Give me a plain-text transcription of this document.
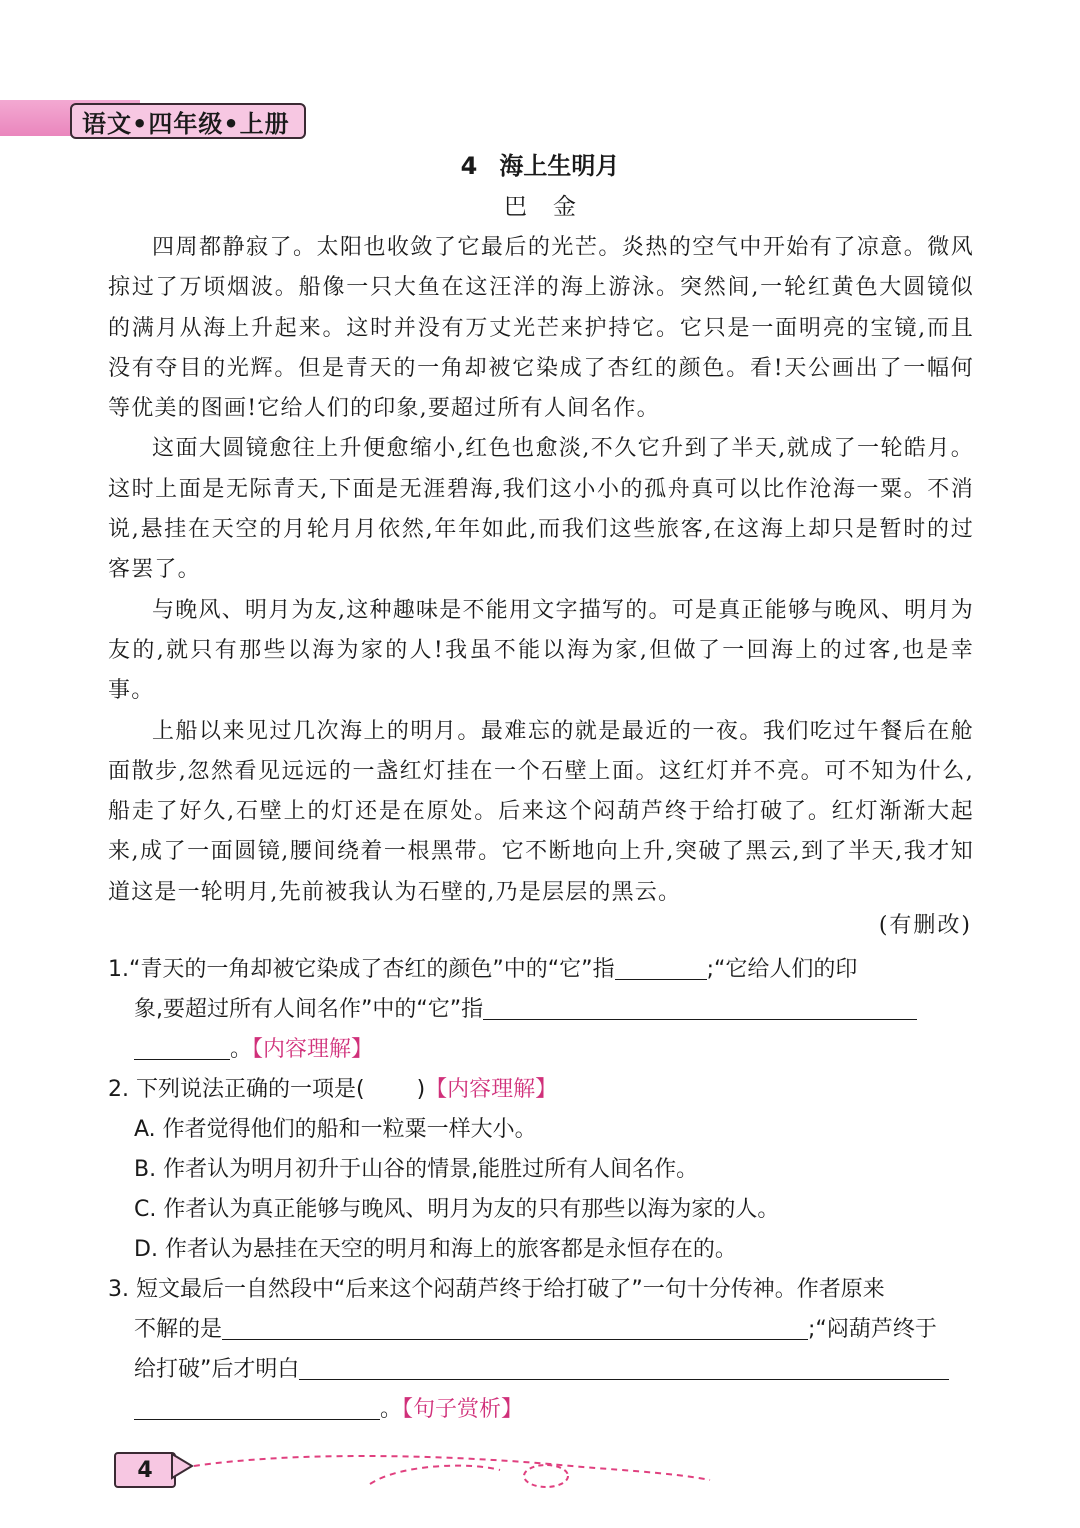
语文•四年级•上册
4 海上生明月
巴金

四周都静寂了。太阳也收敛了它最后的光芒。炎热的空气中开始有了凉意。微风掠过了万顷烟波。船像一只大鱼在这汪洋的海上游泳。突然间,一轮红黄色大圆镜似的满月从海上升起来。这时并没有万丈光芒来护持它。它只是一面明亮的宝镜,而且没有夺目的光辉。但是青天的一角却被它染成了杏红的颜色。看!天公画出了一幅何等优美的图画!它给人们的印象,要超过所有人间名作。

这面大圆镜愈往上升便愈缩小,红色也愈淡,不久它升到了半天,就成了一轮皓月。这时上面是无际青天,下面是无涯碧海,我们这小小的孤舟真可以比作沧海一粟。不消说,悬挂在天空的月轮月月依然,年年如此,而我们这些旅客,在这海上却只是暂时的过客罢了。

与晚风、明月为友,这种趣味是不能用文字描写的。可是真正能够与晚风、明月为友的,就只有那些以海为家的人!我虽不能以海为家,但做了一回海上的过客,也是幸事。

上船以来见过几次海上的明月。最难忘的就是最近的一夜。我们吃过午餐后在舱面散步,忽然看见远远的一盏红灯挂在一个石壁上面。这红灯并不亮。可不知为什么,船走了好久,石壁上的灯还是在原处。后来这个闷葫芦终于给打破了。红灯渐渐大起来,成了一面圆镜,腰间绕着一根黑带。它不断地向上升,突破了黑云,到了半天,我才知道这是一轮明月,先前被我认为石壁的,乃是层层的黑云。

(有删改)
1.“青天的一角却被它染成了杏红的颜色”中的“它”指	;“它给人们的印
象,要超过所有人间名作”中的“它”指
。【内容理解】
2. 下列说法正确的一项是( )【内容理解】
A. 作者觉得他们的船和一粒粟一样大小。
B. 作者认为明月初升于山谷的情景,能胜过所有人间名作。
C. 作者认为真正能够与晚风、明月为友的只有那些以海为家的人。
D. 作者认为悬挂在天空的明月和海上的旅客都是永恒存在的。
3. 短文最后一自然段中“后来这个闷葫芦终于给打破了”一句十分传神。作者原来
不解的是	;“闷葫芦终于
给打破”后才明白
。【句子赏析】
4
